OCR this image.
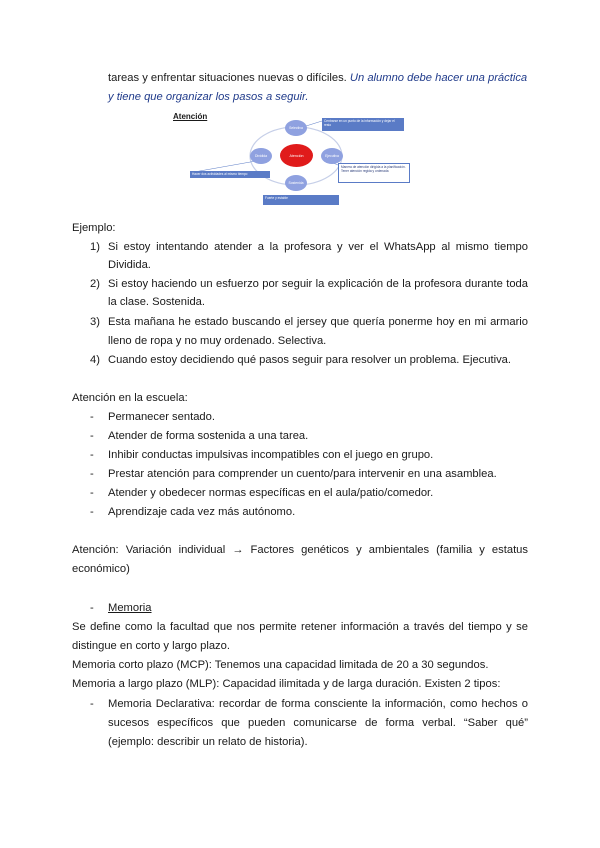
tareas y enfrentar situaciones nuevas o difíciles. Un alumno debe hacer una práctica
y tiene que organizar los pasos a seguir.
Atención
Atención
Selectiva
Dividida	Ejecutiva
Sostenida
Centrarse en un punto de la información y dejar el resto
Hacer dos actividades al mismo tiempo
Manera de atención dirigida a la planificación. Tener atención regida y ordenada
Fuerte y estable
Ejemplo:
1) Si estoy intentando atender a la profesora y ver el WhatsApp al mismo tiempo
Dividida.
2) Si estoy haciendo un esfuerzo por seguir la explicación de la profesora durante toda
la clase. Sostenida.
3) Esta mañana he estado buscando el jersey que quería ponerme hoy en mi armario
lleno de ropa y no muy ordenado. Selectiva.
4) Cuando estoy decidiendo qué pasos seguir para resolver un problema. Ejecutiva.
Atención en la escuela:
- Permanecer sentado.
- Atender de forma sostenida a una tarea.
- Inhibir conductas impulsivas incompatibles con el juego en grupo.
- Prestar atención para comprender un cuento/para intervenir en una asamblea.
- Atender y obedecer normas específicas en el aula/patio/comedor.
- Aprendizaje cada vez más autónomo.
Atención: Variación individual → Factores genéticos y ambientales (familia y estatus
económico)
- Memoria
Se define como la facultad que nos permite retener información a través del tiempo y se
distingue en corto y largo plazo.
Memoria corto plazo (MCP): Tenemos una capacidad limitada de 20 a 30 segundos.
Memoria a largo plazo (MLP): Capacidad ilimitada y de larga duración. Existen 2 tipos:
- Memoria Declarativa: recordar de forma consciente la información, como hechos o
sucesos específicos que pueden comunicarse de forma verbal. “Saber qué”
(ejemplo: describir un relato de historia).
